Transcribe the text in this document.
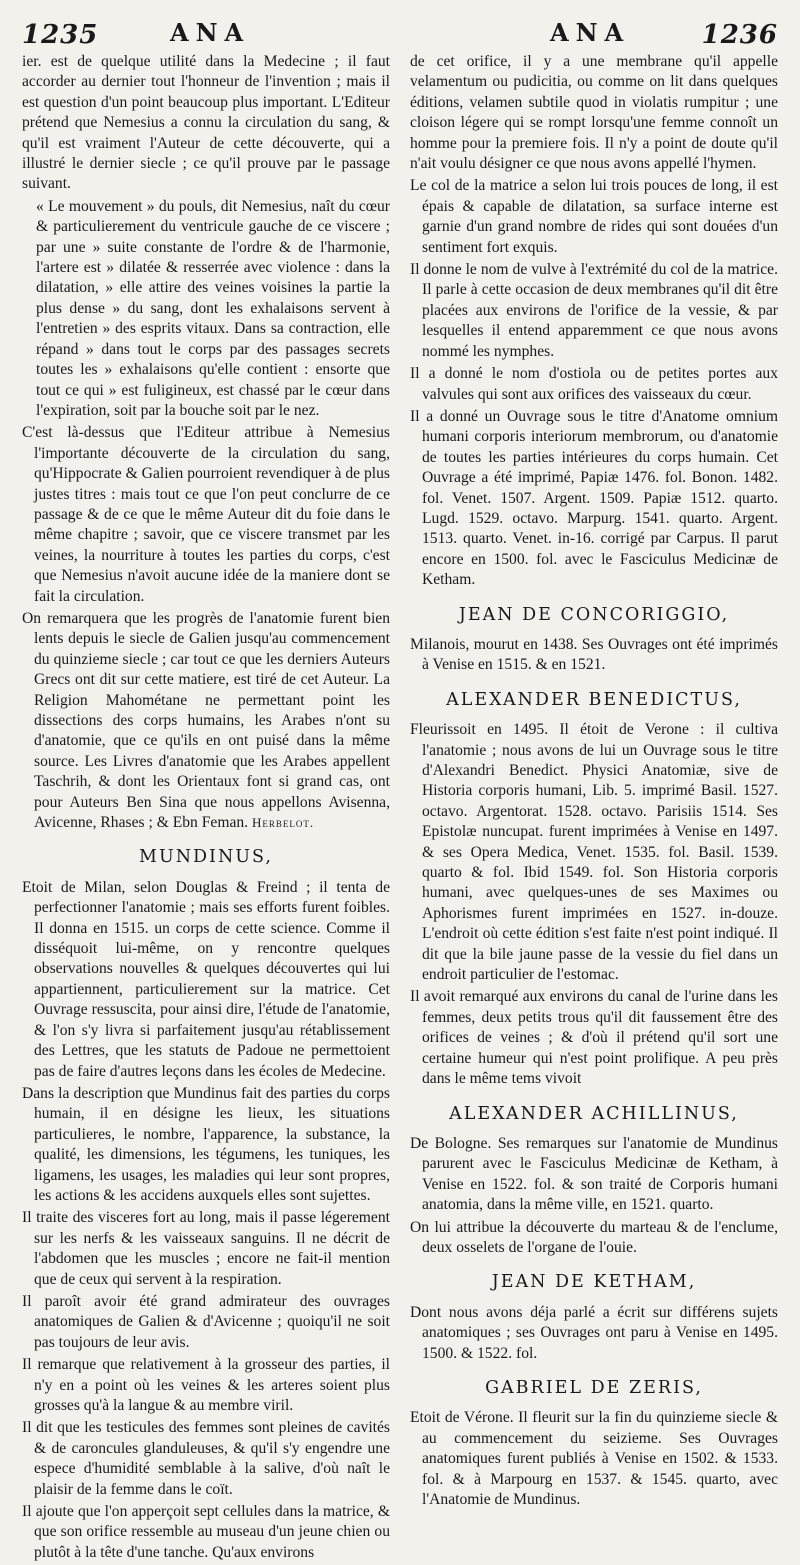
1235	ANA	ANA	1236

ier. est de quelque utilité dans la Medecine ; il faut accorder au dernier tout l'honneur de l'invention ; mais il est question d'un point beaucoup plus important. L'Editeur prétend que Nemesius a connu la circulation du sang, & qu'il est vraiment l'Auteur de cette découverte, qui a illustré le dernier siecle ; ce qu'il prouve par le passage suivant.

« Le mouvement » du pouls, dit Nemesius, naît du cœur & particulierement du ventricule gauche de ce viscere ; par une » suite constante de l'ordre & de l'harmonie, l'artere est » dilatée & resserrée avec violence : dans la dilatation, » elle attire des veines voisines la partie la plus dense » du sang, dont les exhalaisons servent à l'entretien » des esprits vitaux. Dans sa contraction, elle répand » dans tout le corps par des passages secrets toutes les » exhalaisons qu'elle contient : ensorte que tout ce qui » est fuligineux, est chassé par le cœur dans l'expiration, soit par la bouche soit par le nez.

C'est là-dessus que l'Editeur attribue à Nemesius l'importante découverte de la circulation du sang, qu'Hippocrate & Galien pourroient revendiquer à de plus justes titres : mais tout ce que l'on peut conclurre de ce passage & de ce que le même Auteur dit du foie dans le même chapitre ; savoir, que ce viscere transmet par les veines, la nourriture à toutes les parties du corps, c'est que Nemesius n'avoit aucune idée de la maniere dont se fait la circulation.

On remarquera que les progrès de l'anatomie furent bien lents depuis le siecle de Galien jusqu'au commencement du quinzieme siecle ; car tout ce que les derniers Auteurs Grecs ont dit sur cette matiere, est tiré de cet Auteur. La Religion Mahométane ne permettant point les dissections des corps humains, les Arabes n'ont su d'anatomie, que ce qu'ils en ont puisé dans la même source. Les Livres d'anatomie que les Arabes appellent Taschrih, & dont les Orientaux font si grand cas, ont pour Auteurs Ben Sina que nous appellons Avisenna, Avicenne, Rhases ; & Ebn Feman. Herbelot.

MUNDINUS,

Etoit de Milan, selon Douglas & Freind ; il tenta de perfectionner l'anatomie ; mais ses efforts furent foibles. Il donna en 1515. un corps de cette science. Comme il disséquoit lui-même, on y rencontre quelques observations nouvelles & quelques découvertes qui lui appartiennent, particulierement sur la matrice. Cet Ouvrage ressuscita, pour ainsi dire, l'étude de l'anatomie, & l'on s'y livra si parfaitement jusqu'au rétablissement des Lettres, que les statuts de Padoue ne permettoient pas de faire d'autres leçons dans les écoles de Medecine.

Dans la description que Mundinus fait des parties du corps humain, il en désigne les lieux, les situations particulieres, le nombre, l'apparence, la substance, la qualité, les dimensions, les tégumens, les tuniques, les ligamens, les usages, les maladies qui leur sont propres, les actions & les accidens auxquels elles sont sujettes.

Il traite des visceres fort au long, mais il passe légerement sur les nerfs & les vaisseaux sanguins. Il ne décrit de l'abdomen que les muscles ; encore ne fait-il mention que de ceux qui servent à la respiration.

Il paroît avoir été grand admirateur des ouvrages anatomiques de Galien & d'Avicenne ; quoiqu'il ne soit pas toujours de leur avis.

Il remarque que relativement à la grosseur des parties, il n'y en a point où les veines & les arteres soient plus grosses qu'à la langue & au membre viril.

Il dit que les testicules des femmes sont pleines de cavités & de caroncules glanduleuses, & qu'il s'y engendre une espece d'humidité semblable à la salive, d'où naît le plaisir de la femme dans le coït.

Il ajoute que l'on apperçoit sept cellules dans la matrice, & que son orifice ressemble au museau d'un jeune chien ou plutôt à la tête d'une tanche. Qu'aux environs

de cet orifice, il y a une membrane qu'il appelle velamentum ou pudicitia, ou comme on lit dans quelques éditions, velamen subtile quod in violatis rumpitur ; une cloison légere qui se rompt lorsqu'une femme connoît un homme pour la premiere fois. Il n'y a point de doute qu'il n'ait voulu désigner ce que nous avons appellé l'hymen.

Le col de la matrice a selon lui trois pouces de long, il est épais & capable de dilatation, sa surface interne est garnie d'un grand nombre de rides qui sont douées d'un sentiment fort exquis.

Il donne le nom de vulve à l'extrémité du col de la matrice. Il parle à cette occasion de deux membranes qu'il dit être placées aux environs de l'orifice de la vessie, & par lesquelles il entend apparemment ce que nous avons nommé les nymphes.

Il a donné le nom d'ostiola ou de petites portes aux valvules qui sont aux orifices des vaisseaux du cœur.

Il a donné un Ouvrage sous le titre d'Anatome omnium humani corporis interiorum membrorum, ou d'anatomie de toutes les parties intérieures du corps humain. Cet Ouvrage a été imprimé, Papiæ 1476. fol. Bonon. 1482. fol. Venet. 1507. Argent. 1509. Papiæ 1512. quarto. Lugd. 1529. octavo. Marpurg. 1541. quarto. Argent. 1513. quarto. Venet. in-16. corrigé par Carpus. Il parut encore en 1500. fol. avec le Fasciculus Medicinæ de Ketham.

JEAN DE CONCORIGGIO,

Milanois, mourut en 1438. Ses Ouvrages ont été imprimés à Venise en 1515. & en 1521.

ALEXANDER BENEDICTUS,

Fleurissoit en 1495. Il étoit de Verone : il cultiva l'anatomie ; nous avons de lui un Ouvrage sous le titre d'Alexandri Benedict. Physici Anatomiæ, sive de Historia corporis humani, Lib. 5. imprimé Basil. 1527. octavo. Argentorat. 1528. octavo. Parisiis 1514. Ses Epistolæ nuncupat. furent imprimées à Venise en 1497. & ses Opera Medica, Venet. 1535. fol. Basil. 1539. quarto & fol. Ibid 1549. fol. Son Historia corporis humani, avec quelques-unes de ses Maximes ou Aphorismes furent imprimées en 1527. in-douze. L'endroit où cette édition s'est faite n'est point indiqué. Il dit que la bile jaune passe de la vessie du fiel dans un endroit particulier de l'estomac.

Il avoit remarqué aux environs du canal de l'urine dans les femmes, deux petits trous qu'il dit faussement être des orifices de veines ; & d'où il prétend qu'il sort une certaine humeur qui n'est point prolifique. A peu près dans le même tems vivoit

ALEXANDER ACHILLINUS,

De Bologne. Ses remarques sur l'anatomie de Mundinus parurent avec le Fasciculus Medicinæ de Ketham, à Venise en 1522. fol. & son traité de Corporis humani anatomia, dans la même ville, en 1521. quarto.

On lui attribue la découverte du marteau & de l'enclume, deux osselets de l'organe de l'ouie.

JEAN DE KETHAM,

Dont nous avons déja parlé a écrit sur différens sujets anatomiques ; ses Ouvrages ont paru à Venise en 1495. 1500. & 1522. fol.

GABRIEL DE ZERIS,

Etoit de Vérone. Il fleurit sur la fin du quinzieme siecle & au commencement du seizieme. Ses Ouvrages anatomiques furent publiés à Venise en 1502. & 1533. fol. & à Marpourg en 1537. & 1545. quarto, avec l'Anatomie de Mundinus.
